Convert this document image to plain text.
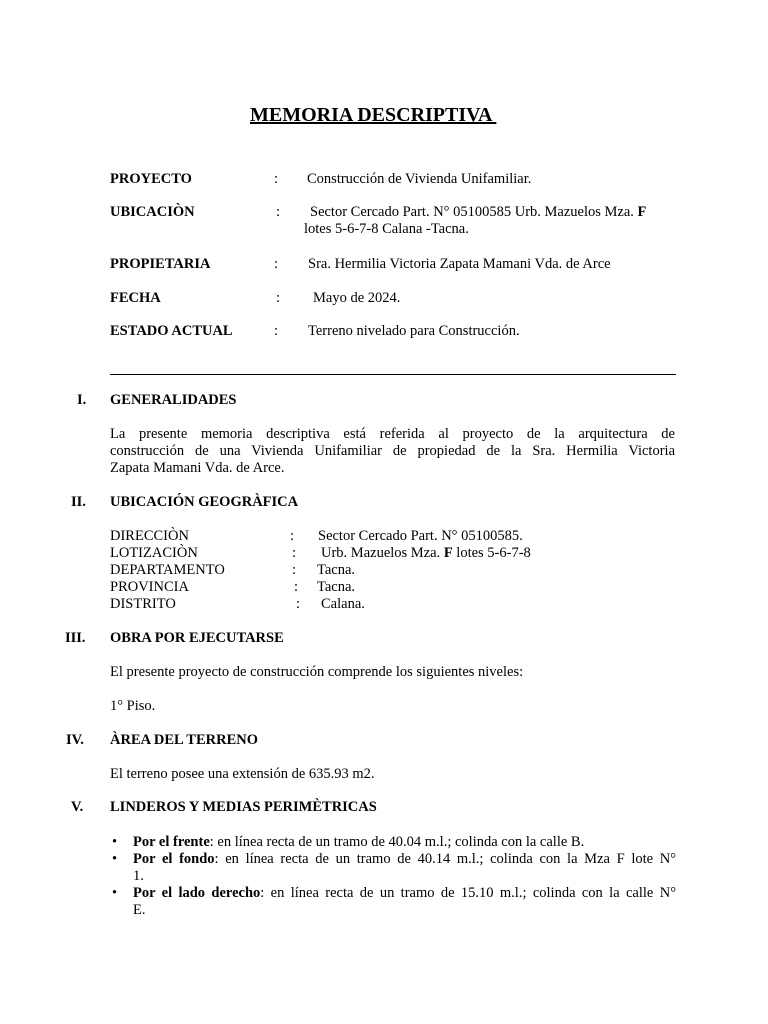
MEMORIA DESCRIPTIVA
PROYECTO	: Construcción de Vivienda Unifamiliar.
UBICACIÒN	: Sector Cercado Part. N° 05100585 Urb. Mazuelos Mza. F
lotes 5-6-7-8 Calana -Tacna.
PROPIETARIA	: Sra. Hermilia Victoria Zapata Mamani Vda. de Arce
FECHA	: Mayo de 2024.
ESTADO ACTUAL	: Terreno nivelado para Construcción.
I. GENERALIDADES
La presente memoria descriptiva está referida al proyecto de la arquitectura de
construcción de una Vivienda Unifamiliar de propiedad de la Sra. Hermilia Victoria
Zapata Mamani Vda. de Arce.
II. UBICACIÓN GEOGRÀFICA
DIRECCIÒN	: Sector Cercado Part. N° 05100585.
LOTIZACIÒN	: Urb. Mazuelos Mza. F lotes 5-6-7-8
DEPARTAMENTO	: Tacna.
PROVINCIA	: Tacna.
DISTRITO	: Calana.
III. OBRA POR EJECUTARSE
El presente proyecto de construcción comprende los siguientes niveles:
1° Piso.
IV. ÀREA DEL TERRENO
El terreno posee una extensión de 635.93 m2.
V. LINDEROS Y MEDIAS PERIMÈTRICAS
• Por el frente: en línea recta de un tramo de 40.04 m.l.; colinda con la calle B.
• Por el fondo: en línea recta de un tramo de 40.14 m.l.; colinda con la Mza F lote N°
1.
• Por el lado derecho: en línea recta de un tramo de 15.10 m.l.; colinda con la calle N°
E.
